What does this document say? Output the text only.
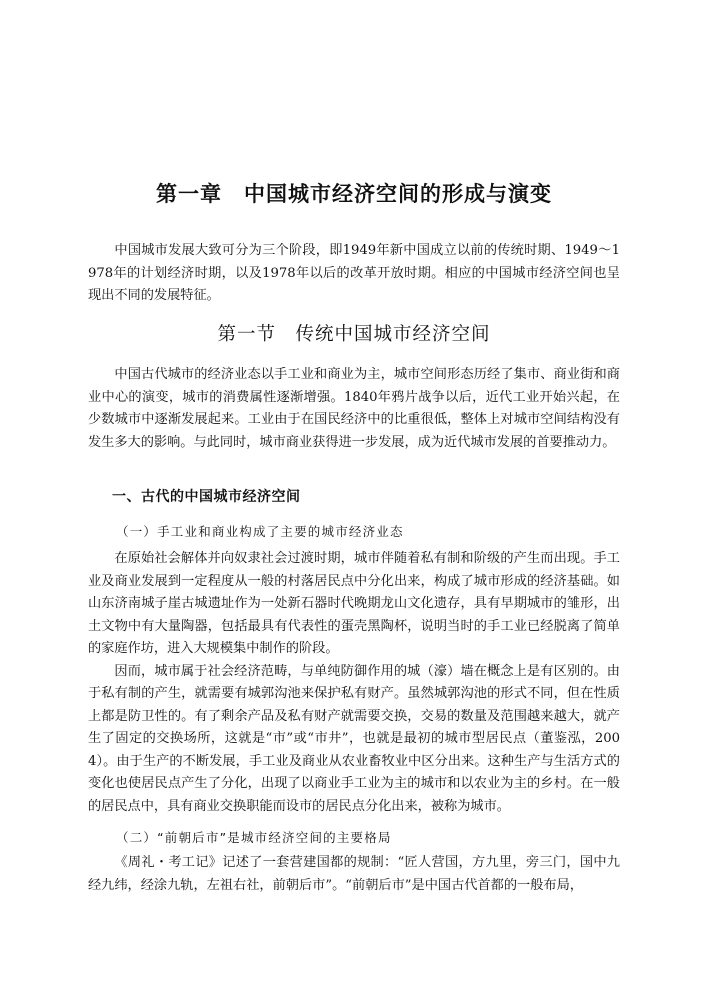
第一章　中国城市经济空间的形成与演变

中国城市发展大致可分为三个阶段，即1949年新中国成立以前的传统时期、1949～1978年的计划经济时期，以及1978年以后的改革开放时期。相应的中国城市经济空间也呈现出不同的发展特征。

第一节　传统中国城市经济空间

中国古代城市的经济业态以手工业和商业为主，城市空间形态历经了集市、商业街和商业中心的演变，城市的消费属性逐渐增强。1840年鸦片战争以后，近代工业开始兴起，在少数城市中逐渐发展起来。工业由于在国民经济中的比重很低，整体上对城市空间结构没有发生多大的影响。与此同时，城市商业获得进一步发展，成为近代城市发展的首要推动力。

一、古代的中国城市经济空间
（一）手工业和商业构成了主要的城市经济业态

在原始社会解体并向奴隶社会过渡时期，城市伴随着私有制和阶级的产生而出现。手工业及商业发展到一定程度从一般的村落居民点中分化出来，构成了城市形成的经济基础。如山东济南城子崖古城遗址作为一处新石器时代晚期龙山文化遗存，具有早期城市的雏形，出土文物中有大量陶器，包括最具有代表性的蛋壳黑陶杯，说明当时的手工业已经脱离了简单的家庭作坊，进入大规模集中制作的阶段。

因而，城市属于社会经济范畴，与单纯防御作用的城（濠）墙在概念上是有区别的。由于私有制的产生，就需要有城郭沟池来保护私有财产。虽然城郭沟池的形式不同，但在性质上都是防卫性的。有了剩余产品及私有财产就需要交换，交易的数量及范围越来越大，就产生了固定的交换场所，这就是“市”或“市井”，也就是最初的城市型居民点（董鉴泓，2004）。由于生产的不断发展，手工业及商业从农业畜牧业中区分出来。这种生产与生活方式的变化也使居民点产生了分化，出现了以商业手工业为主的城市和以农业为主的乡村。在一般的居民点中，具有商业交换职能而设市的居民点分化出来，被称为城市。

（二）“前朝后市”是城市经济空间的主要格局

《周礼・考工记》记述了一套营建国都的规制：“匠人营国，方九里，旁三门，国中九经九纬，经涂九轨，左祖右社，前朝后市”。“前朝后市”是中国古代首都的一般布局，
